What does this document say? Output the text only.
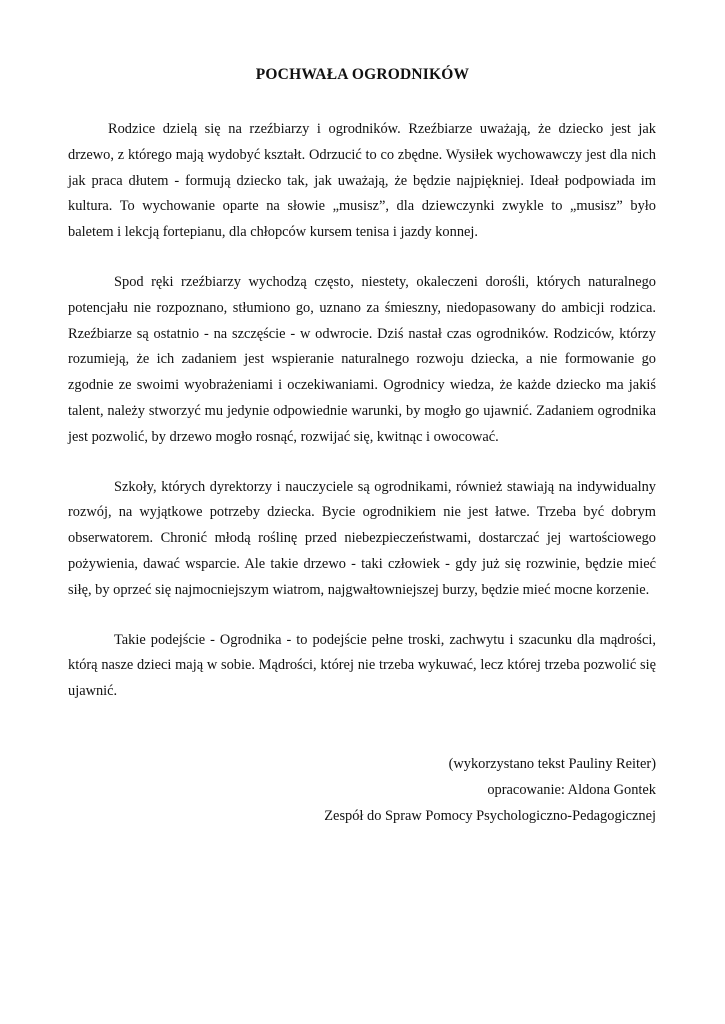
POCHWAŁA OGRODNIKÓW

Rodzice dzielą się na rzeźbiarzy i ogrodników. Rzeźbiarze uważają, że dziecko jest jak drzewo, z którego mają wydobyć kształt. Odrzucić to co zbędne. Wysiłek wychowawczy jest dla nich jak praca dłutem - formują dziecko tak, jak uważają, że będzie najpiękniej. Ideał podpowiada im kultura. To wychowanie oparte na słowie „musisz”, dla dziewczynki zwykle to „musisz” było baletem i lekcją fortepianu, dla chłopców kursem tenisa i jazdy konnej.

Spod ręki rzeźbiarzy wychodzą często, niestety, okaleczeni dorośli, których naturalnego potencjału nie rozpoznano, stłumiono go, uznano za śmieszny, niedopasowany do ambicji rodzica. Rzeźbiarze są ostatnio - na szczęście - w odwrocie. Dziś nastał czas ogrodników. Rodziców, którzy rozumieją, że ich zadaniem jest wspieranie naturalnego rozwoju dziecka, a nie formowanie go zgodnie ze swoimi wyobrażeniami i oczekiwaniami. Ogrodnicy wiedza, że każde dziecko ma jakiś talent, należy stworzyć mu jedynie odpowiednie warunki, by mogło go ujawnić. Zadaniem ogrodnika jest pozwolić, by drzewo mogło rosnąć, rozwijać się, kwitnąc i owocować.

Szkoły, których dyrektorzy i nauczyciele są ogrodnikami, również stawiają na indywidualny rozwój, na wyjątkowe potrzeby dziecka. Bycie ogrodnikiem nie jest łatwe. Trzeba być dobrym obserwatorem. Chronić młodą roślinę przed niebezpieczeństwami, dostarczać jej wartościowego pożywienia, dawać wsparcie. Ale takie drzewo - taki człowiek - gdy już się rozwinie, będzie mieć siłę, by oprzeć się najmocniejszym wiatrom, najgwałtowniejszej burzy, będzie mieć mocne korzenie.

Takie podejście - Ogrodnika - to podejście pełne troski, zachwytu i szacunku dla mądrości, którą nasze dzieci mają w sobie. Mądrości, której nie trzeba wykuwać, lecz której trzeba pozwolić się ujawnić.

(wykorzystano tekst Pauliny Reiter)
opracowanie: Aldona Gontek
Zespół do Spraw Pomocy Psychologiczno-Pedagogicznej
